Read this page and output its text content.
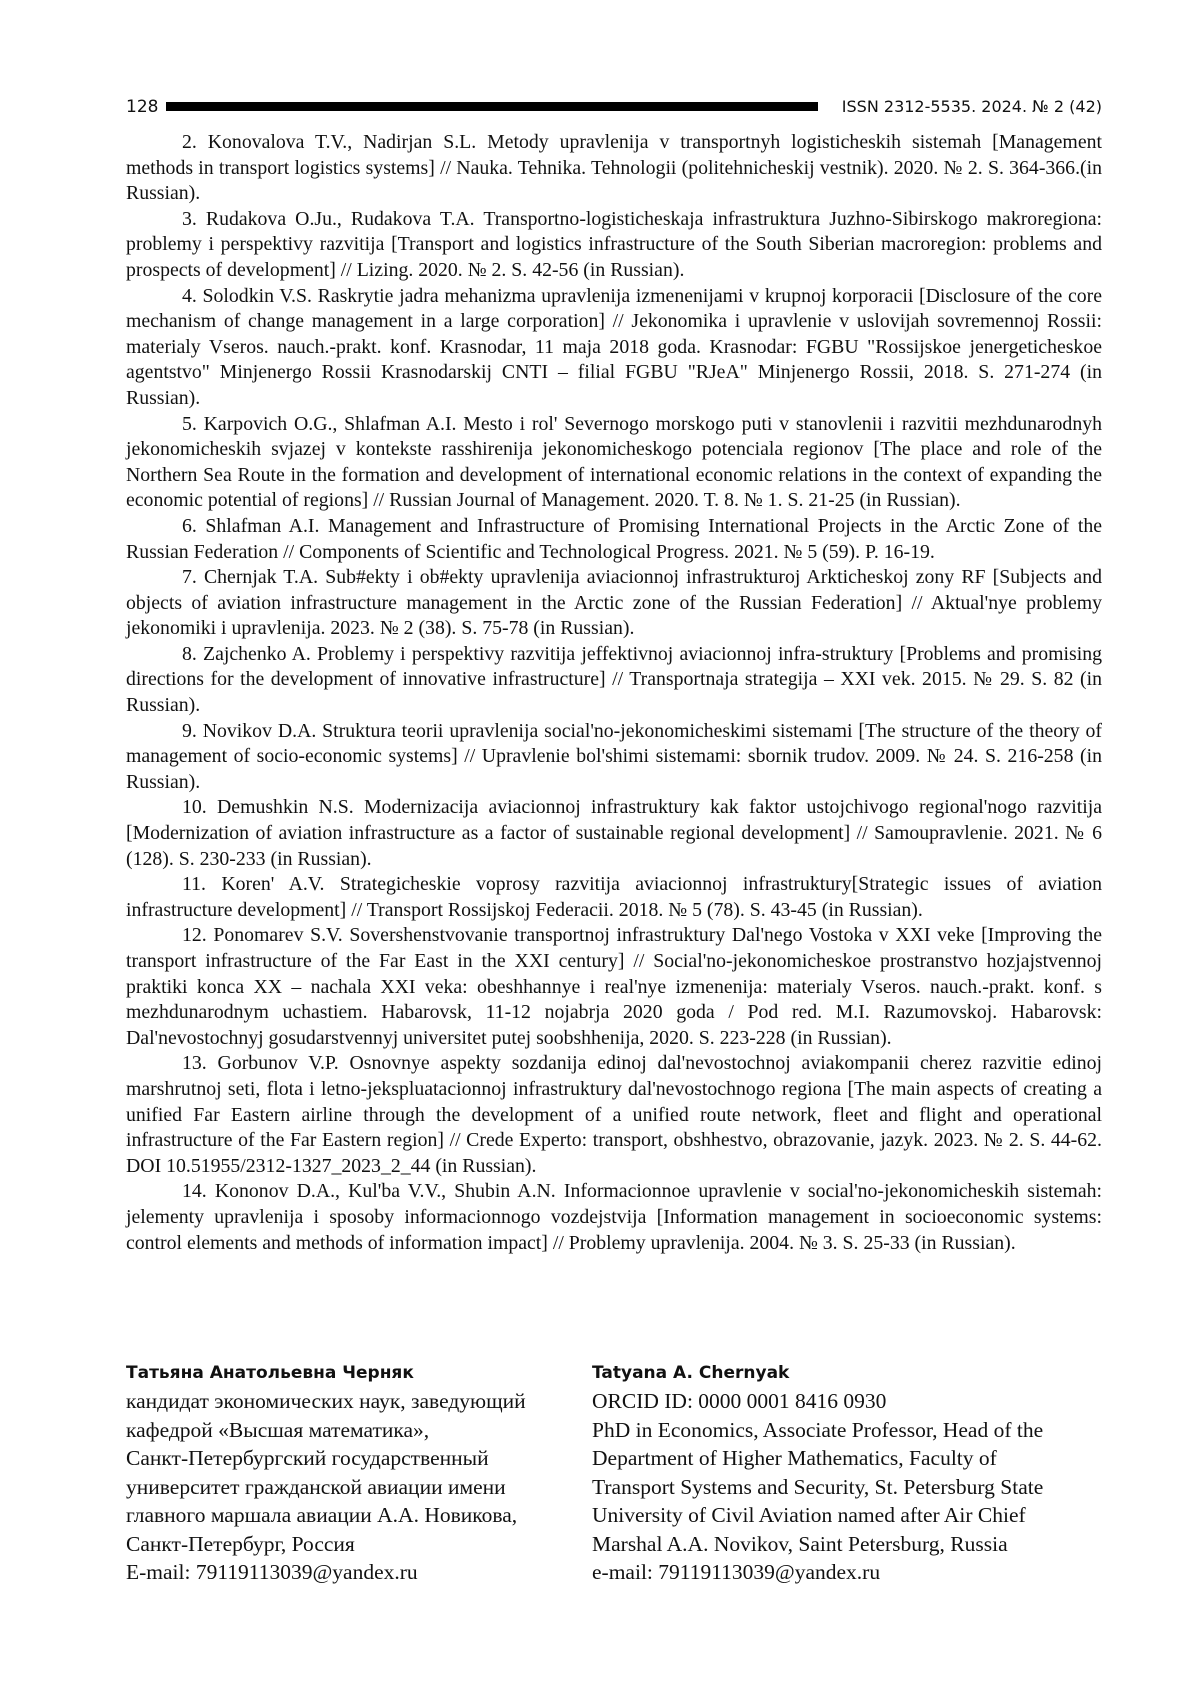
128	ISSN 2312-5535. 2024. № 2 (42)

2. Konovalova T.V., Nadirjan S.L. Metody upravlenija v transportnyh logisticheskih sistemah [Management methods in transport logistics systems] // Nauka. Tehnika. Tehnologii (politehnicheskij vestnik). 2020. № 2. S. 364-366.(in Russian).

3. Rudakova O.Ju., Rudakova T.A. Transportno-logisticheskaja infrastruktura Juzhno-Sibirskogo makroregiona: problemy i perspektivy razvitija [Transport and logistics infrastructure of the South Siberian macroregion: problems and prospects of development] // Lizing. 2020. № 2. S. 42-56 (in Russian).

4. Solodkin V.S. Raskrytie jadra mehanizma upravlenija izmenenijami v krupnoj korporacii [Disclosure of the core mechanism of change management in a large corporation] // Jekonomika i upravlenie v uslovijah sovremennoj Rossii: materialy Vseros. nauch.-prakt. konf. Krasnodar, 11 maja 2018 goda. Krasnodar: FGBU "Rossijskoe jenergeticheskoe agentstvo" Minjenergo Rossii Krasnodarskij CNTI – filial FGBU "RJeA" Minjenergo Rossii, 2018. S. 271-274 (in Russian).

5. Karpovich O.G., Shlafman A.I. Mesto i rol' Severnogo morskogo puti v stanovlenii i razvitii mezhdunarodnyh jekonomicheskih svjazej v kontekste rasshirenija jekonomicheskogo potenciala regionov [The place and role of the Northern Sea Route in the formation and development of international economic relations in the context of expanding the economic potential of regions] // Russian Journal of Management. 2020. T. 8. № 1. S. 21-25 (in Russian).

6. Shlafman A.I. Management and Infrastructure of Promising International Projects in the Arctic Zone of the Russian Federation // Components of Scientific and Technological Progress. 2021. № 5 (59). P. 16-19.

7. Chernjak T.A. Sub#ekty i ob#ekty upravlenija aviacionnoj infrastrukturoj Arkticheskoj zony RF [Subjects and objects of aviation infrastructure management in the Arctic zone of the Russian Federation] // Aktual'nye problemy jekonomiki i upravlenija. 2023. № 2 (38). S. 75-78 (in Russian).

8. Zajchenko A. Problemy i perspektivy razvitija jeffektivnoj aviacionnoj infra-struktury [Problems and promising directions for the development of innovative infrastructure] // Transportnaja strategija – XXI vek. 2015. № 29. S. 82 (in Russian).

9. Novikov D.A. Struktura teorii upravlenija social'no-jekonomicheskimi sistemami [The structure of the theory of management of socio-economic systems] // Upravlenie bol'shimi sistemami: sbornik trudov. 2009. № 24. S. 216-258 (in Russian).

10. Demushkin N.S. Modernizacija aviacionnoj infrastruktury kak faktor ustojchivogo regional'nogo razvitija [Modernization of aviation infrastructure as a factor of sustainable regional development] // Samoupravlenie. 2021. № 6 (128). S. 230-233 (in Russian).

11. Koren' A.V. Strategicheskie voprosy razvitija aviacionnoj infrastruktury[Strategic issues of aviation infrastructure development] // Transport Rossijskoj Federacii. 2018. № 5 (78). S. 43-45 (in Russian).

12. Ponomarev S.V. Sovershenstvovanie transportnoj infrastruktury Dal'nego Vostoka v XXI veke [Improving the transport infrastructure of the Far East in the XXI century] // Social'no-jekonomicheskoe prostranstvo hozjajstvennoj praktiki konca XX – nachala XXI veka: obeshhannye i real'nye izmenenija: materialy Vseros. nauch.-prakt. konf. s mezhdunarodnym uchastiem. Habarovsk, 11-12 nojabrja 2020 goda / Pod red. M.I. Razumovskoj. Habarovsk: Dal'nevostochnyj gosudarstvennyj universitet putej soobshhenija, 2020. S. 223-228 (in Russian).

13. Gorbunov V.P. Osnovnye aspekty sozdanija edinoj dal'nevostochnoj aviakompanii cherez razvitie edinoj marshrutnoj seti, flota i letno-jekspluatacionnoj infrastruktury dal'nevostochnogo regiona [The main aspects of creating a unified Far Eastern airline through the development of a unified route network, fleet and flight and operational infrastructure of the Far Eastern region] // Crede Experto: transport, obshhestvo, obrazovanie, jazyk. 2023. № 2. S. 44-62. DOI 10.51955/2312-1327_2023_2_44 (in Russian).

14. Kononov D.A., Kul'ba V.V., Shubin A.N. Informacionnoe upravlenie v social'no-jekonomicheskih sistemah: jelementy upravlenija i sposoby informacionnogo vozdejstvija [Information management in socioeconomic systems: control elements and methods of information impact] // Problemy upravlenija. 2004. № 3. S. 25-33 (in Russian).

Татьяна Анатольевна Черняк
кандидат экономических наук, заведующий
кафедрой «Высшая математика»,
Санкт-Петербургский государственный
университет гражданской авиации имени
главного маршала авиации А.А. Новикова,
Санкт-Петербург, Россия
E-mail: 79119113039@yandex.ru
Tatyana A. Chernyak
ORCID ID: 0000 0001 8416 0930
PhD in Economics, Associate Professor, Head of the
Department of Higher Mathematics, Faculty of
Transport Systems and Security, St. Petersburg State
University of Civil Aviation named after Air Chief
Marshal A.A. Novikov, Saint Petersburg, Russia
e-mail: 79119113039@yandex.ru
